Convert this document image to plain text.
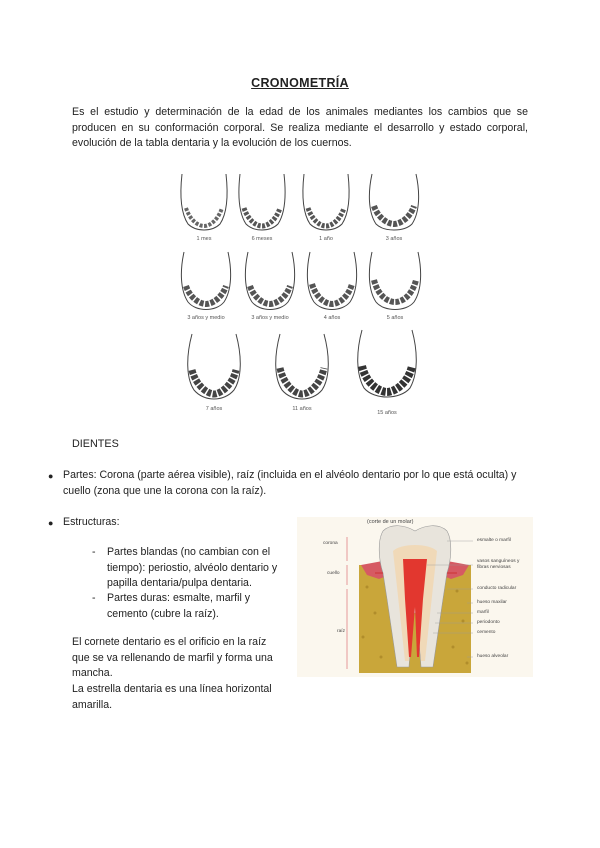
CRONOMETRÍA
Es el estudio y determinación de la edad de los animales mediantes los cambios que se producen en su conformación corporal. Se realiza mediante el desarrollo y estado corporal, evolución de la tabla dentaria y la evolución de los cuernos.
1 mes	6 meses	1 año	3 años
3 años y medio	3 años y medio	4 años	5 años
7 años	11 años
15 años
DIENTES
● Partes: Corona (parte aérea visible), raíz (incluida en el alvéolo dentario por lo que está oculta) y cuello (zona que une la corona con la raíz).
● Estructuras:
- Partes blandas (no cambian con el tiempo): periostio, alvéolo dentario y papilla dentaria/pulpa dentaria.
- Partes duras: esmalte, marfil y cemento (cubre la raíz).
El cornete dentario es el orificio en la raíz que se va rellenando de marfil y forma una mancha.
La estrella dentaria es una línea horizontal amarilla.
(corte de un molar)
corona
cuello
raíz
esmalte o marfil
vasos sanguíneos y fibras nerviosas
conducto radicular
hueso maxilar
marfil
periodonto
cemento
hueso alveolar
